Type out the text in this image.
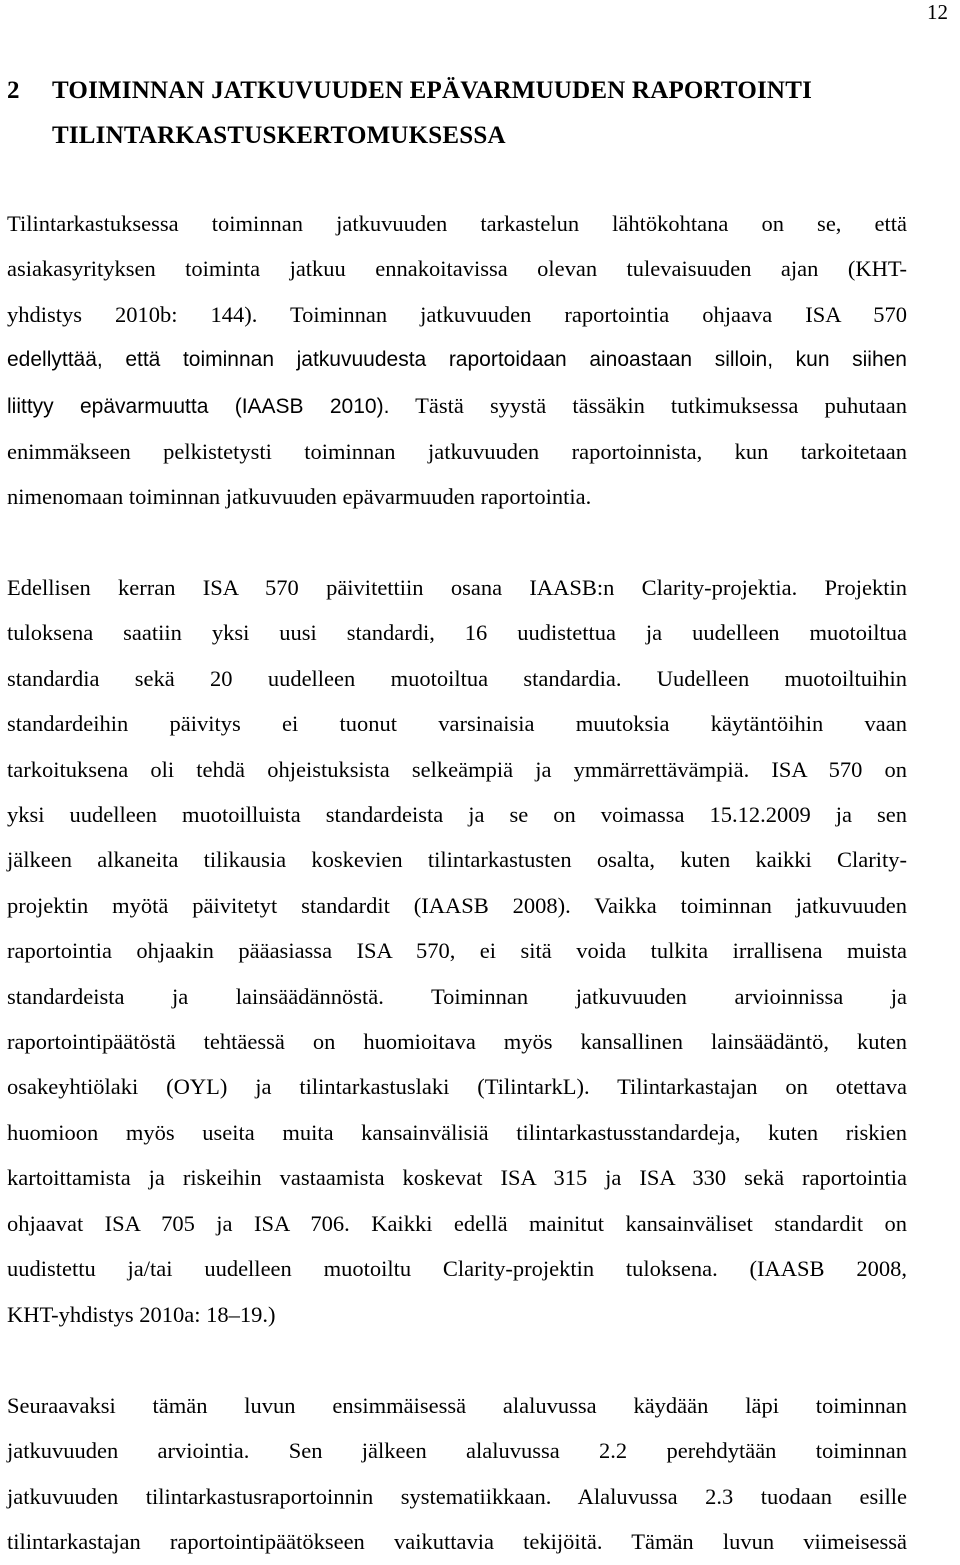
12
2 TOIMINNAN JATKUVUUDEN EPÄVARMUUDEN RAPORTOINTI
TILINTARKASTUSKERTOMUKSESSA

Tilintarkastuksessa toiminnan jatkuvuuden tarkastelun lähtökohtana on se, että
asiakasyrityksen toiminta jatkuu ennakoitavissa olevan tulevaisuuden ajan (KHT-
yhdistys 2010b: 144). Toiminnan jatkuvuuden raportointia ohjaava ISA 570
edellyttää, että toiminnan jatkuvuudesta raportoidaan ainoastaan silloin, kun siihen
liittyy epävarmuutta (IAASB 2010). Tästä syystä tässäkin tutkimuksessa puhutaan
enimmäkseen pelkistetysti toiminnan jatkuvuuden raportoinnista, kun tarkoitetaan
nimenomaan toiminnan jatkuvuuden epävarmuuden raportointia.

Edellisen kerran ISA 570 päivitettiin osana IAASB:n Clarity-projektia. Projektin
tuloksena saatiin yksi uusi standardi, 16 uudistettua ja uudelleen muotoiltua
standardia sekä 20 uudelleen muotoiltua standardia. Uudelleen muotoiltuihin
standardeihin päivitys ei tuonut varsinaisia muutoksia käytäntöihin vaan
tarkoituksena oli tehdä ohjeistuksista selkeämpiä ja ymmärrettävämpiä. ISA 570 on
yksi uudelleen muotoilluista standardeista ja se on voimassa 15.12.2009 ja sen
jälkeen alkaneita tilikausia koskevien tilintarkastusten osalta, kuten kaikki Clarity-
projektin myötä päivitetyt standardit (IAASB 2008). Vaikka toiminnan jatkuvuuden
raportointia ohjaakin pääasiassa ISA 570, ei sitä voida tulkita irrallisena muista
standardeista ja lainsäädännöstä. Toiminnan jatkuvuuden arvioinnissa ja
raportointipäätöstä tehtäessä on huomioitava myös kansallinen lainsäädäntö, kuten
osakeyhtiölaki (OYL) ja tilintarkastuslaki (TilintarkL). Tilintarkastajan on otettava
huomioon myös useita muita kansainvälisiä tilintarkastusstandardeja, kuten riskien
kartoittamista ja riskeihin vastaamista koskevat ISA 315 ja ISA 330 sekä raportointia
ohjaavat ISA 705 ja ISA 706. Kaikki edellä mainitut kansainväliset standardit on
uudistettu ja/tai uudelleen muotoiltu Clarity-projektin tuloksena. (IAASB 2008,
KHT-yhdistys 2010a: 18–19.)

Seuraavaksi tämän luvun ensimmäisessä alaluvussa käydään läpi toiminnan
jatkuvuuden arviointia. Sen jälkeen alaluvussa 2.2 perehdytään toiminnan
jatkuvuuden tilintarkastusraportoinnin systematiikkaan. Alaluvussa 2.3 tuodaan esille
tilintarkastajan raportointipäätökseen vaikuttavia tekijöitä. Tämän luvun viimeisessä
